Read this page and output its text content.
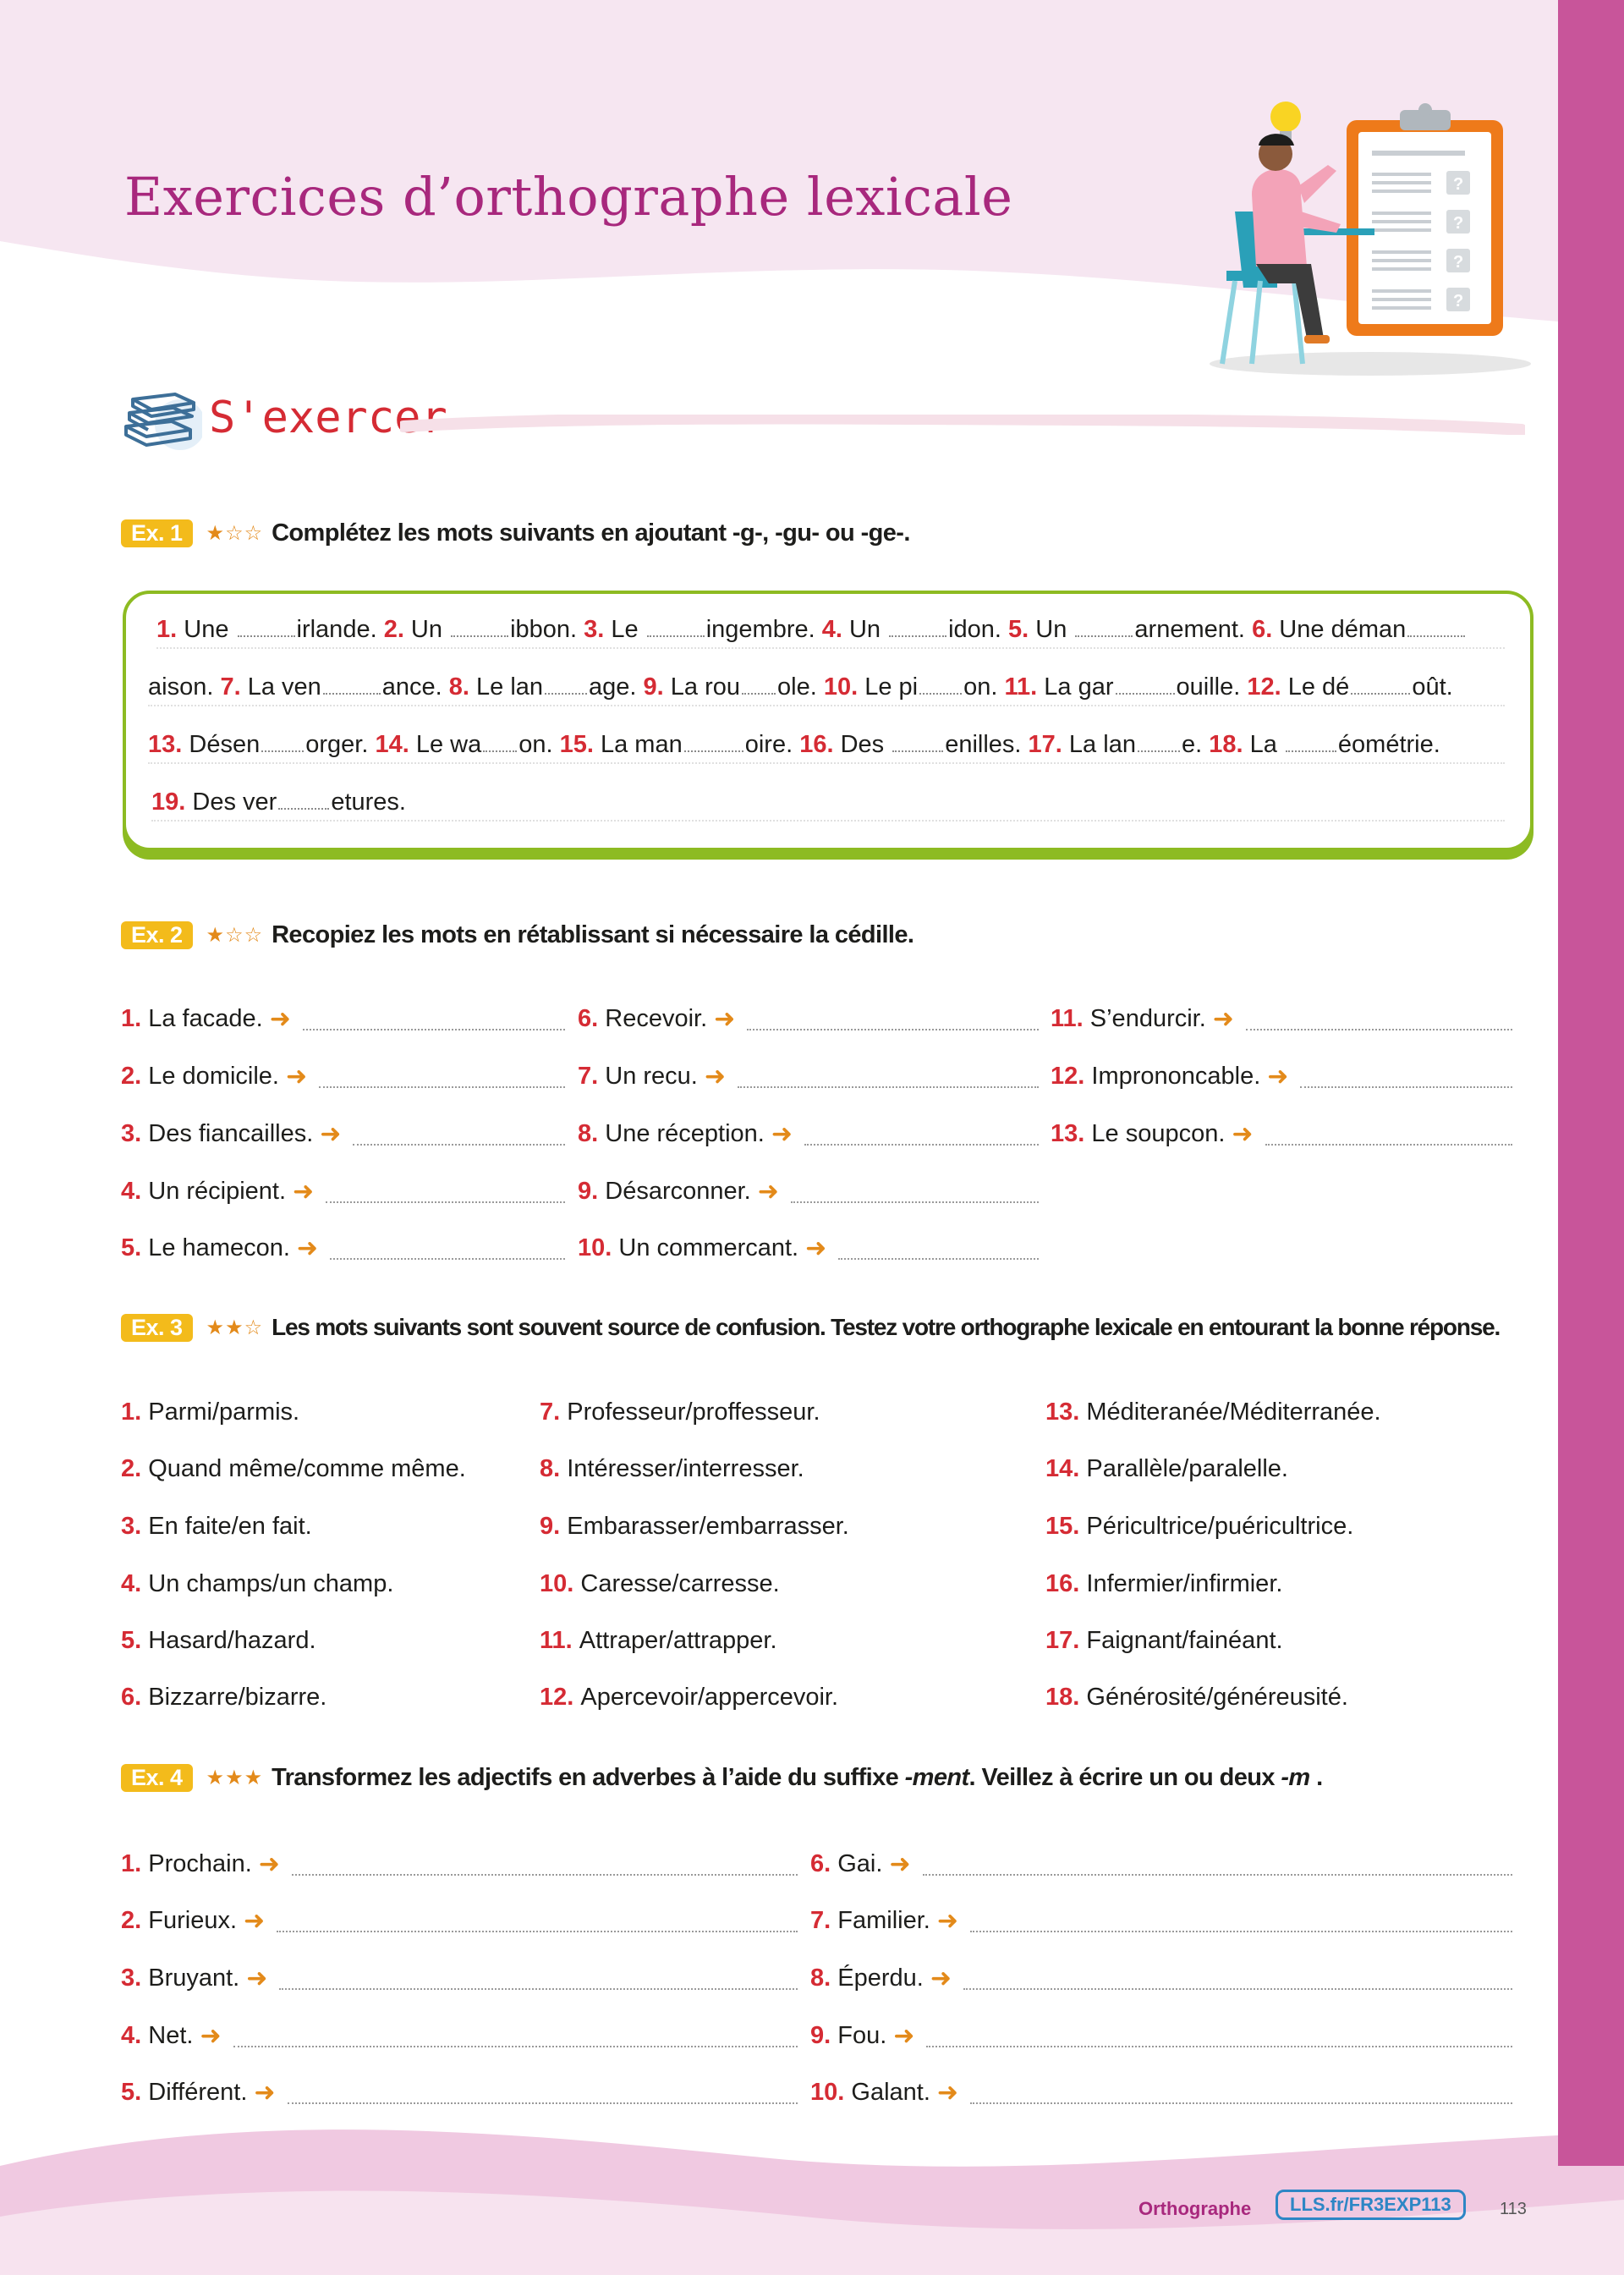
Exercices d’orthographe lexicale	?
?
?
?
S'exercer
Ex. 1	★☆☆ Complétez les mots suivants en ajoutant -g-, -gu- ou -ge-.
1. Une irlande. 2. Un ibbon. 3. Le ingembre. 4. Un idon. 5. Un arnement. 6. Une déman
aison. 7. La ven ance. 8. Le lan age. 9. La rou ole. 10. Le pi on. 11. La gar	ouille. 12. Le dé	oût.
13. Désen orger. 14. Le wa on. 15. La man	oire. 16. Des enilles. 17. La lan e. 18. La éométrie.
19. Des ver etures.
Ex. 2	★☆☆ Recopiez les mots en rétablissant si nécessaire la cédille.
1. La facade. ➜
2. Le domicile. ➜
3. Des fiancailles. ➜
4. Un récipient. ➜
5. Le hamecon. ➜
6. Recevoir. ➜
7. Un recu. ➜
8. Une réception. ➜
9. Désarconner. ➜
10. Un commercant. ➜
11. S’endurcir. ➜
12. Imprononcable. ➜
13. Le soupcon. ➜
Ex. 3	★★☆ Les mots suivants sont souvent source de confusion. Testez votre orthographe lexicale en entourant la bonne réponse.
1. Parmi/parmis.
2. Quand même/comme même.
3. En faite/en fait.
4. Un champs/un champ.
5. Hasard/hazard.
6. Bizzarre/bizarre.
7. Professeur/proffesseur.
8. Intéresser/interresser.
9. Embarasser/embarrasser.
10. Caresse/carresse.
11. Attraper/attrapper.
12. Apercevoir/appercevoir.
13. Méditeranée/Méditerranée.
14. Parallèle/paralelle.
15. Péricultrice/puéricultrice.
16. Infermier/infirmier.
17. Faignant/fainéant.
18. Générosité/généreusité.
Ex. 4	★★★ Transformez les adjectifs en adverbes à l’aide du suffixe -ment. Veillez à écrire un ou deux -m .
1. Prochain. ➜
2. Furieux. ➜
3. Bruyant. ➜
4. Net. ➜
5. Différent. ➜
6. Gai. ➜
7. Familier. ➜
8. Éperdu. ➜
9. Fou. ➜
10. Galant. ➜
Orthographe	LLS.fr/FR3EXP113	113
